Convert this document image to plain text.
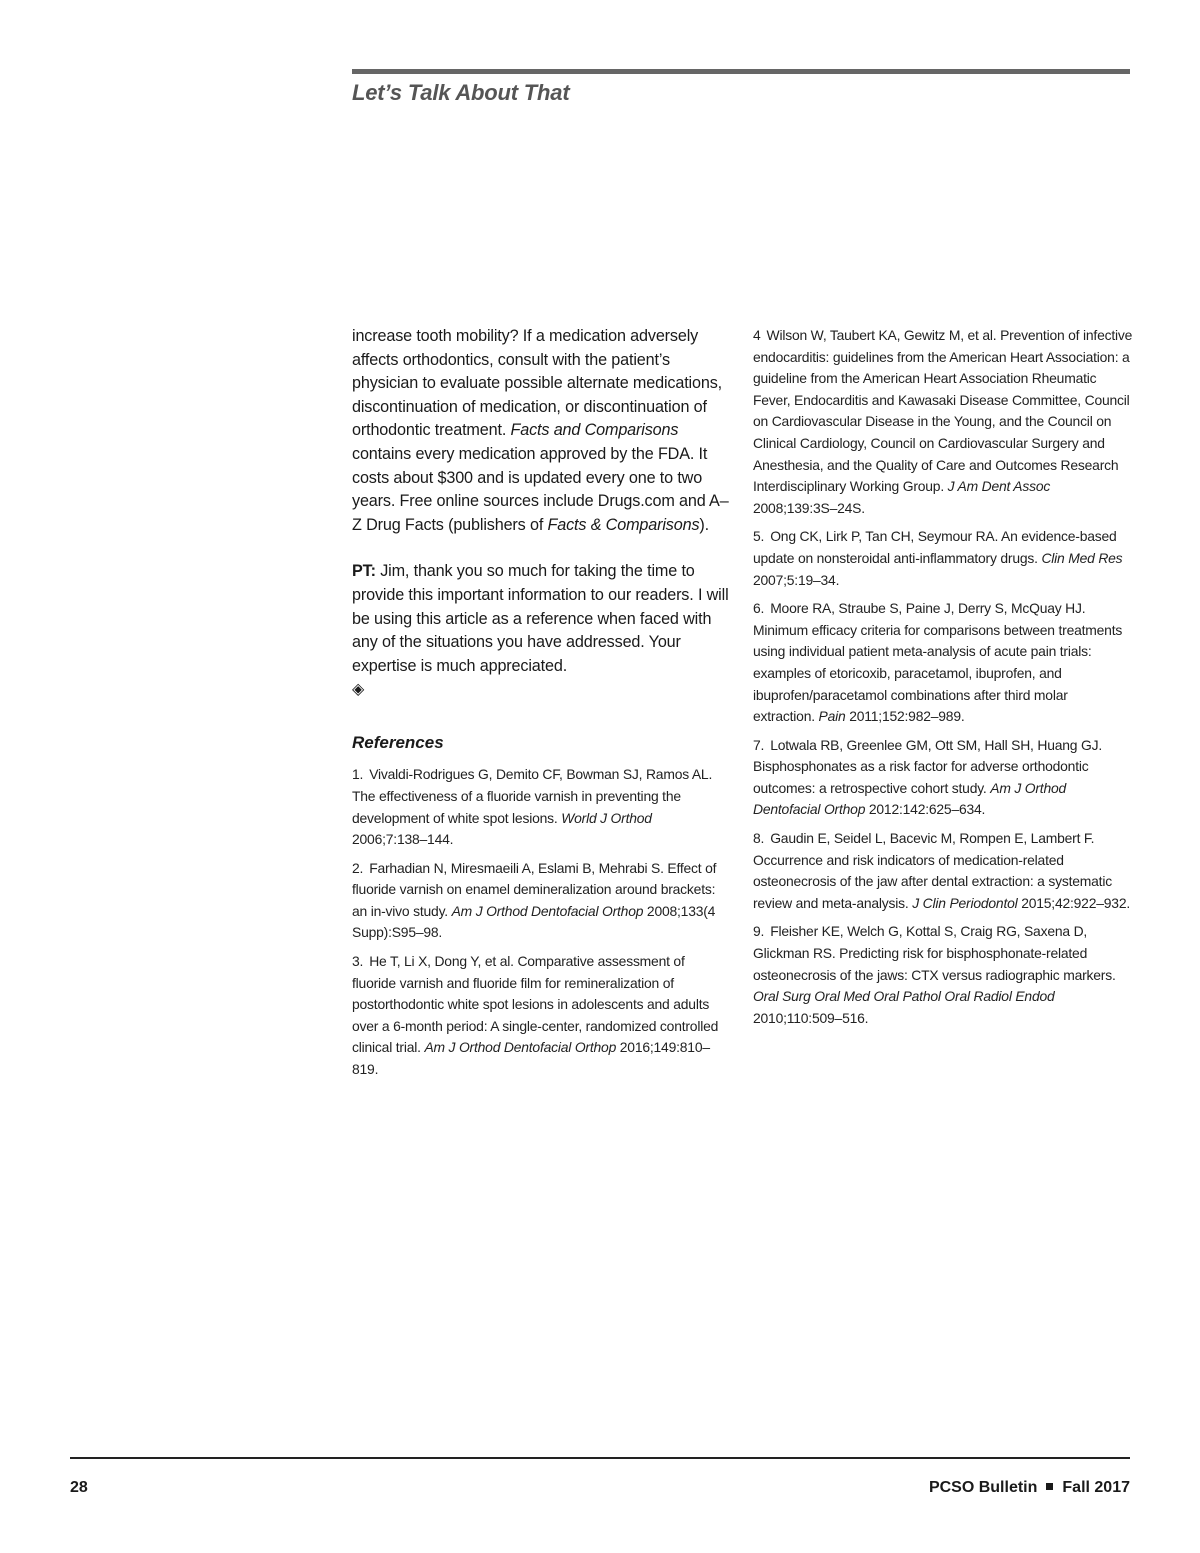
Let’s Talk About That

increase tooth mobility? If a medication adversely affects orthodontics, consult with the patient’s physician to evaluate possible alternate medications, discontinuation of medication, or discontinuation of orthodontic treatment. Facts and Comparisons contains every medication approved by the FDA. It costs about $300 and is updated every one to two years. Free online sources include Drugs.com and A–Z Drug Facts (publishers of Facts & Comparisons).

PT: Jim, thank you so much for taking the time to provide this important information to our readers. I will be using this article as a reference when faced with any of the situations you have addressed. Your expertise is much appreciated.
◈

References

1. Vivaldi-Rodrigues G, Demito CF, Bowman SJ, Ramos AL. The effectiveness of a fluoride varnish in preventing the development of white spot lesions. World J Orthod 2006;7:138–144.

2. Farhadian N, Miresmaeili A, Eslami B, Mehrabi S. Effect of fluoride varnish on enamel demineralization around brackets: an in-vivo study. Am J Orthod Dentofacial Orthop 2008;133(4 Supp):S95–98.

3. He T, Li X, Dong Y, et al. Comparative assessment of fluoride varnish and fluoride film for remineralization of postorthodontic white spot lesions in adolescents and adults over a 6-month period: A single-center, randomized controlled clinical trial. Am J Orthod Dentofacial Orthop 2016;149:810–819.

4 Wilson W, Taubert KA, Gewitz M, et al. Prevention of infective endocarditis: guidelines from the American Heart Association: a guideline from the American Heart Association Rheumatic Fever, Endocarditis and Kawasaki Disease Committee, Council on Cardiovascular Disease in the Young, and the Council on Clinical Cardiology, Council on Cardiovascular Surgery and Anesthesia, and the Quality of Care and Outcomes Research Interdisciplinary Working Group. J Am Dent Assoc 2008;139:3S–24S.

5. Ong CK, Lirk P, Tan CH, Seymour RA. An evidence-based update on nonsteroidal anti-inflammatory drugs. Clin Med Res 2007;5:19–34.

6. Moore RA, Straube S, Paine J, Derry S, McQuay HJ. Minimum efficacy criteria for comparisons between treatments using individual patient meta-analysis of acute pain trials: examples of etoricoxib, paracetamol, ibuprofen, and ibuprofen/paracetamol combinations after third molar extraction. Pain 2011;152:982–989.

7. Lotwala RB, Greenlee GM, Ott SM, Hall SH, Huang GJ. Bisphosphonates as a risk factor for adverse orthodontic outcomes: a retrospective cohort study. Am J Orthod Dentofacial Orthop 2012:142:625–634.

8. Gaudin E, Seidel L, Bacevic M, Rompen E, Lambert F. Occurrence and risk indicators of medication-related osteonecrosis of the jaw after dental extraction: a systematic review and meta-analysis. J Clin Periodontol 2015;42:922–932.

9. Fleisher KE, Welch G, Kottal S, Craig RG, Saxena D, Glickman RS. Predicting risk for bisphosphonate-related osteonecrosis of the jaws: CTX versus radiographic markers. Oral Surg Oral Med Oral Pathol Oral Radiol Endod 2010;110:509–516.

28	PCSO Bulletin Fall 2017
